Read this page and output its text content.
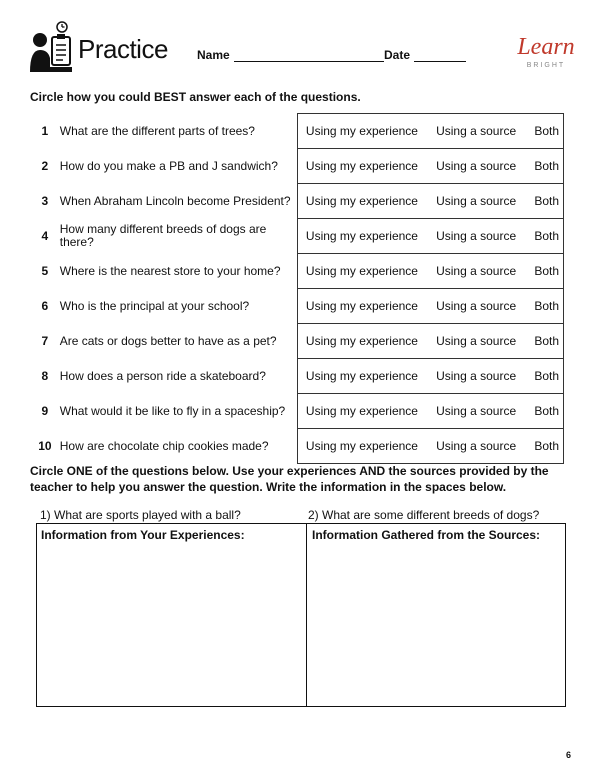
Practice Name	Date	Learn
BRIGHT
Circle how you could BEST answer each of the questions.
1	What are the different parts of trees?	Using my experience	Using a source	Both
2	How do you make a PB and J sandwich?	Using my experience	Using a source	Both
3	When Abraham Lincoln become President?	Using my experience	Using a source	Both
4	How many different breeds of dogs are there?	Using my experience	Using a source	Both
5	Where is the nearest store to your home?	Using my experience	Using a source	Both
6	Who is the principal at your school?	Using my experience	Using a source	Both
7	Are cats or dogs better to have as a pet?	Using my experience	Using a source	Both
8	How does a person ride a skateboard?	Using my experience	Using a source	Both
9	What would it be like to fly in a spaceship?	Using my experience	Using a source	Both
10	How are chocolate chip cookies made?	Using my experience	Using a source	Both
Circle ONE of the questions below. Use your experiences AND the sources provided by the teacher to help you answer the question. Write the information in the spaces below.
1) What are sports played with a ball?	2) What are some different breeds of dogs?
Information from Your Experiences:	Information Gathered from the Sources:
6
